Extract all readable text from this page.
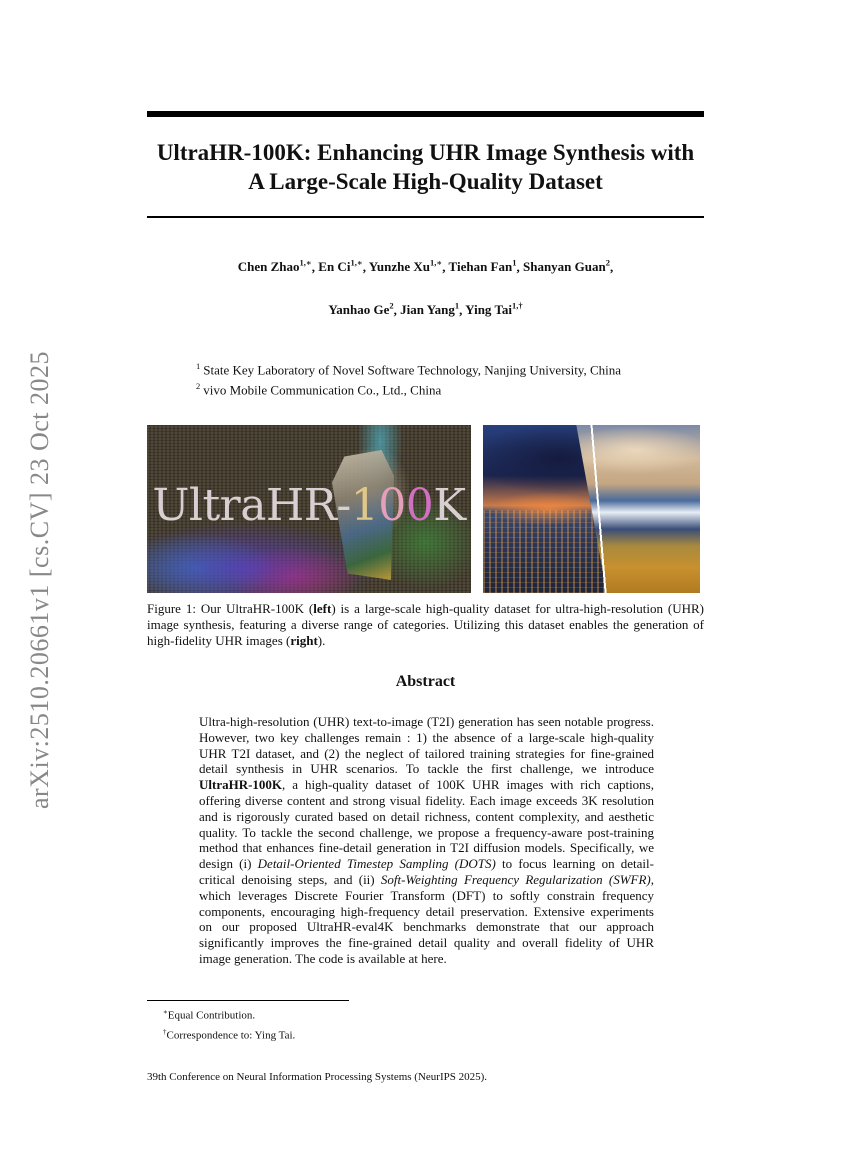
arXiv:2510.20661v1 [cs.CV] 23 Oct 2025
UltraHR-100K: Enhancing UHR Image Synthesis with
A Large-Scale High-Quality Dataset
Chen Zhao$^{1,∗}$, En $Ci^{1,∗}$, Yunzhe $Xu^{1,∗}$, Tiehan Fan$^1$, Shanyan Guan$^2$,
Yanhao Ge$^2$, Jian Yang$^1$, Ying Tai$^{1,\dagger}$
$^1$ State Key Laboratory of Novel Software Technology, Nanjing University, China
$^2$ vivo Mobile Communication Co., Ltd., China
UltraHR-100K
Figure 1: Our UltraHR-100K (left) is a large-scale high-quality dataset for ultra-high-resolution (UHR) image synthesis, featuring a diverse range of categories. Utilizing this dataset enables the generation of high-fidelity UHR images (right).
Abstract
Ultra-high-resolution (UHR) text-to-image (T2I) generation has seen notable progress. However, two key challenges remain : 1) the absence of a large-scale high-quality UHR T2I dataset, and (2) the neglect of tailored training strategies for fine-grained detail synthesis in UHR scenarios. To tackle the first challenge, we introduce UltraHR-100K, a high-quality dataset of 100K UHR images with rich captions, offering diverse content and strong visual fidelity. Each image exceeds 3K resolution and is rigorously curated based on detail richness, content complexity, and aesthetic quality. To tackle the second challenge, we propose a frequency-aware post-training method that enhances fine-detail generation in T2I diffusion models. Specifically, we design (i) Detail-Oriented Timestep Sampling (DOTS) to focus learning on detail-critical denoising steps, and (ii) Soft-Weighting Frequency Regularization (SWFR), which leverages Discrete Fourier Transform (DFT) to softly constrain frequency components, encouraging high-frequency detail preservation. Extensive experiments on our proposed UltraHR-eval4K benchmarks demonstrate that our approach significantly improves the fine-grained detail quality and overall fidelity of UHR image generation. The code is available at here.
∗Equal Contribution.
†Correspondence to: Ying Tai.
39th Conference on Neural Information Processing Systems (NeurIPS 2025).
